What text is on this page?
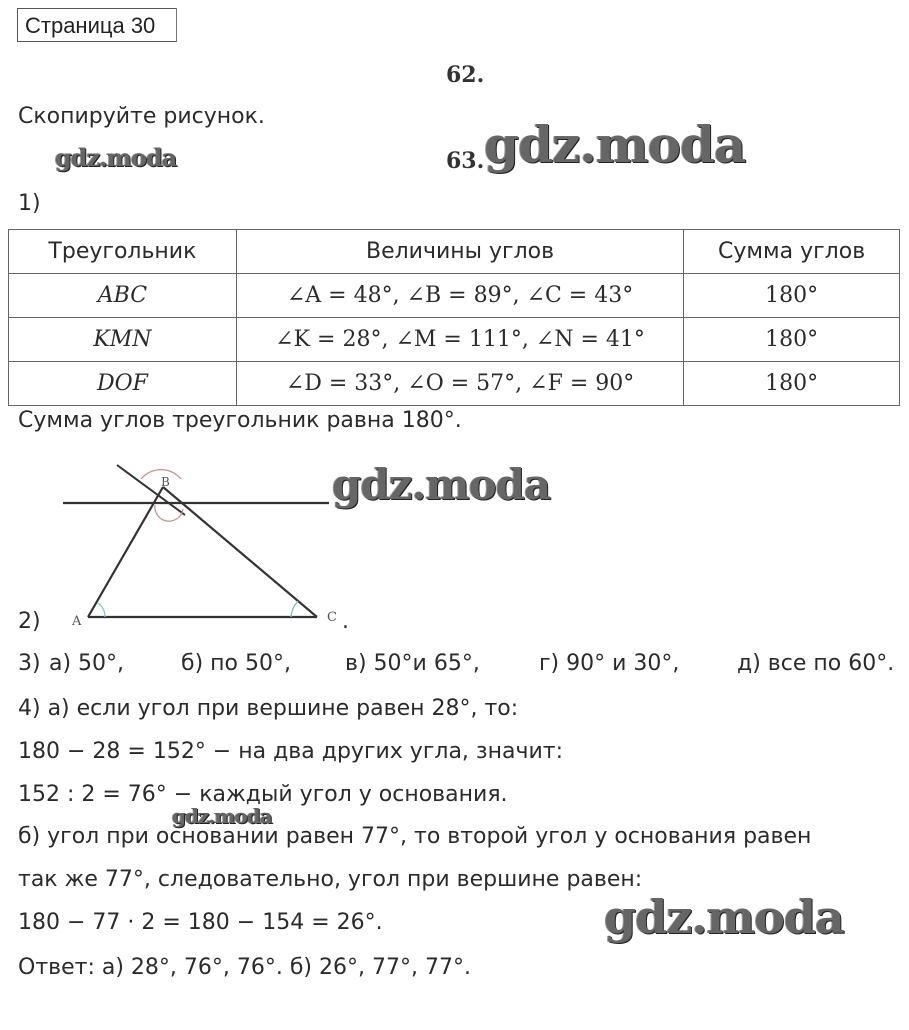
Страница 30
62.
63.
Скопируйте рисунок.
gdz.moda	gdz.moda
1)
Треугольник	Величины углов	Сумма углов
ABC	∠A = 48°, ∠B = 89°, ∠C = 43°	180°
KMN	∠K = 28°, ∠M = 111°, ∠N = 41°	180°
DOF	∠D = 33°, ∠O = 57°, ∠F = 90°	180°
Сумма углов треугольник равна 180°.
B
A	C
gdz.moda
2)	.
3) а) 50°,	б) по 50°, в) 50°и 65°,	г) 90° и 30°,	д) все по 60°.
4) а) если угол при вершине равен 28°, то:
180 − 28 = 152° − на два других угла, значит:
152 : 2 = 76° − каждый угол у основания.
gdz.moda
б) угол при основании равен 77°, то второй угол у основания равен
так же 77°, следовательно, угол при вершине равен:
180 − 77 · 2 = 180 − 154 = 26°.	gdz.moda
Ответ: а) 28°, 76°, 76°. б) 26°, 77°, 77°.
